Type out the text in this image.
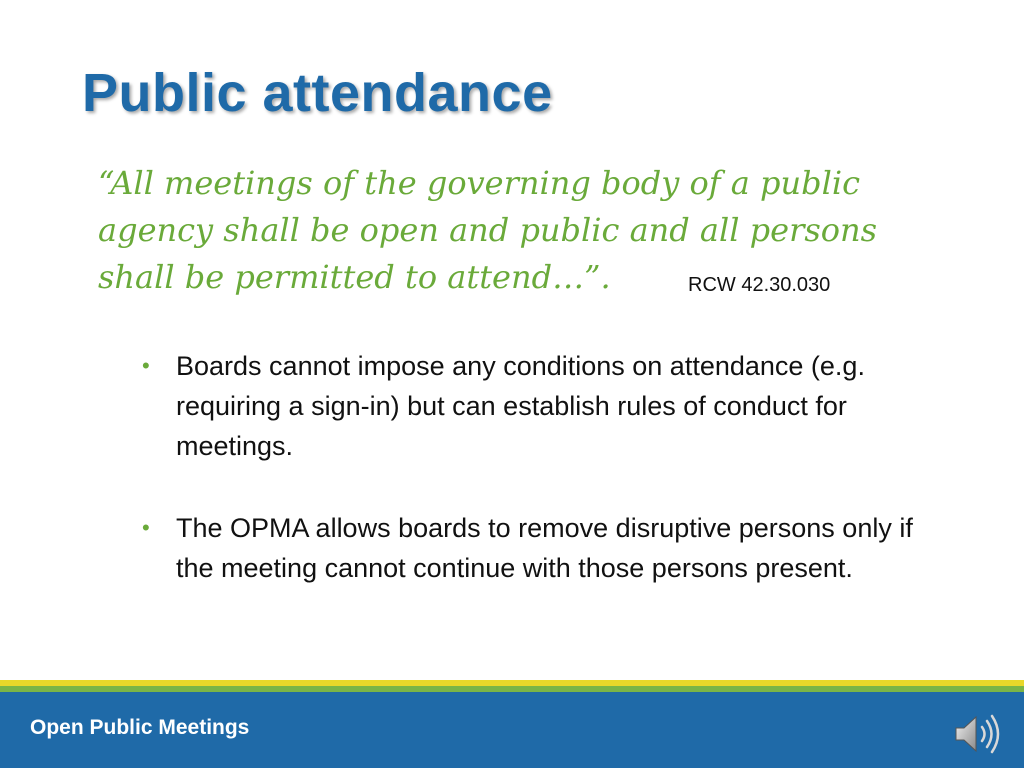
Public attendance

“All meetings of the governing body of a public agency shall be open and public and all persons shall be permitted to attend…”.	RCW 42.30.030
• Boards cannot impose any conditions on attendance (e.g. requiring a sign-in) but can establish rules of conduct for meetings.
• The OPMA allows boards to remove disruptive persons only if the meeting cannot continue with those persons present.
Open Public Meetings
